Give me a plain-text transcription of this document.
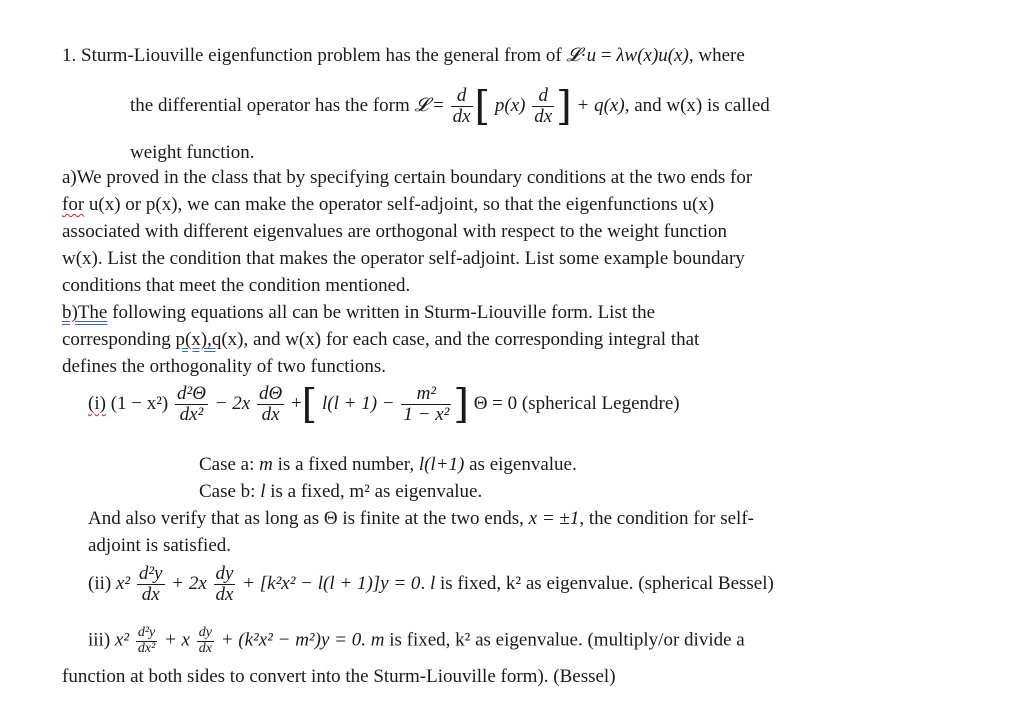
1. Sturm-Liouville eigenfunction problem has the general from of 𝓛·u = λw(x)u(x), where
the differential operator has the form 𝓛 = $\frac{d}{dx}$ [ $p(x) \frac{d}{dx}$ ] + q(x), and w(x) is called
weight function.
a)We proved in the class that by specifying certain boundary conditions at the two ends for
for u(x) or p(x), we can make the operator self-adjoint, so that the eigenfunctions u(x)
associated with different eigenvalues are orthogonal with respect to the weight function
w(x). List the condition that makes the operator self-adjoint. List some example boundary
conditions that meet the condition mentioned.
b)The following equations all can be written in Sturm-Liouville form. List the
corresponding p(x),q(x), and w(x) for each case, and the corresponding integral that
defines the orthogonality of two functions.
(i) $(1 - x^2) \frac{\text{d²Θ}}{\text{dx²}} - 2x \frac{d\Theta}{dx}$ +[ $l(l + 1) - \frac{\text{m²}}{\text{1 − x²}}$ ] Θ = 0 (spherical Legendre)
Case a: m is a fixed number, l(l+1) as eigenvalue.
Case b: l is a fixed, m² as eigenvalue.
And also verify that as long as Θ is finite at the two ends, x = ±1, the condition for self-
adjoint is satisfied.
(ii) $x^2 \frac{\text{d²y}}{dx} + 2x \frac{dy}{dx} + [k^2x^2 - l(l + 1)]y = 0$. l is fixed, k² as eigenvalue. (spherical Bessel)
iii) $x^2 \frac{\text{d²y}}{\text{dx²}} + x \frac{dy}{dx} + (k^2x^2 - m^2)y = 0$. m is fixed, k² as eigenvalue. (multiply/or divide a
function at both sides to convert into the Sturm-Liouville form). (Bessel)
